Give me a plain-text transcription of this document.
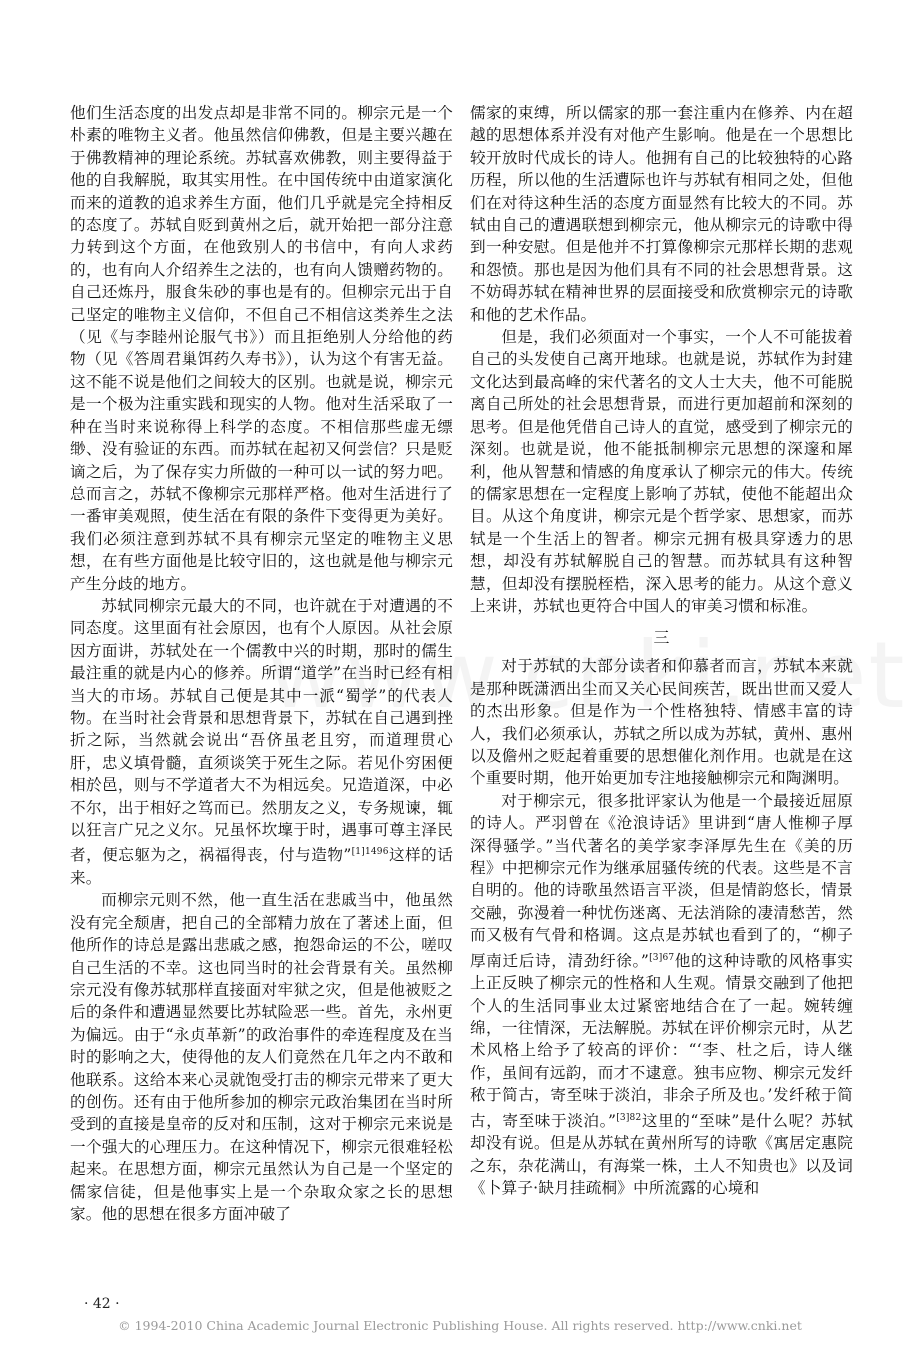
他们生活态度的出发点却是非常不同的。柳宗元是一个朴素的唯物主义者。他虽然信仰佛教，但是主要兴趣在于佛教精神的理论系统。苏轼喜欢佛教，则主要得益于他的自我解脱，取其实用性。在中国传统中由道家演化而来的道教的追求养生方面，他们几乎就是完全持相反的态度了。苏轼自贬到黄州之后，就开始把一部分注意力转到这个方面，在他致别人的书信中，有向人求药的，也有向人介绍养生之法的，也有向人馈赠药物的。自己还炼丹，服食朱砂的事也是有的。但柳宗元出于自己坚定的唯物主义信仰，不但自己不相信这类养生之法（见《与李睦州论服气书》）而且拒绝别人分给他的药物（见《答周君巢饵药久寿书》），认为这个有害无益。这不能不说是他们之间较大的区别。也就是说，柳宗元是一个极为注重实践和现实的人物。他对生活采取了一种在当时来说称得上科学的态度。不相信那些虚无缥缈、没有验证的东西。而苏轼在起初又何尝信？只是贬谪之后，为了保存实力所做的一种可以一试的努力吧。总而言之，苏轼不像柳宗元那样严格。他对生活进行了一番审美观照，使生活在有限的条件下变得更为美好。我们必须注意到苏轼不具有柳宗元坚定的唯物主义思想，在有些方面他是比较守旧的，这也就是他与柳宗元产生分歧的地方。

苏轼同柳宗元最大的不同，也许就在于对遭遇的不同态度。这里面有社会原因，也有个人原因。从社会原因方面讲，苏轼处在一个儒教中兴的时期，那时的儒生最注重的就是内心的修养。所谓“道学”在当时已经有相当大的市场。苏轼自己便是其中一派“蜀学”的代表人物。在当时社会背景和思想背景下，苏轼在自己遇到挫折之际，当然就会说出“吾侪虽老且穷，而道理贯心肝，忠义填骨髓，直须谈笑于死生之际。若见仆穷困便相於邑，则与不学道者大不为相远矣。兄造道深，中必不尔，出于相好之笃而已。然朋友之义，专务规谏，辄以狂言广兄之义尔。兄虽怀坎壈于时，遇事可尊主泽民者，便忘躯为之，祸福得丧，付与造物”$^{[1]1496}$这样的话来。

而柳宗元则不然，他一直生活在悲戚当中，他虽然没有完全颓唐，把自己的全部精力放在了著述上面，但他所作的诗总是露出悲戚之感，抱怨命运的不公，嗟叹自己生活的不幸。这也同当时的社会背景有关。虽然柳宗元没有像苏轼那样直接面对牢狱之灾，但是他被贬之后的条件和遭遇显然要比苏轼险恶一些。首先，永州更为偏远。由于“永贞革新”的政治事件的牵连程度及在当时的影响之大，使得他的友人们竟然在几年之内不敢和他联系。这给本来心灵就饱受打击的柳宗元带来了更大的创伤。还有由于他所参加的柳宗元政治集团在当时所受到的直接是皇帝的反对和压制，这对于柳宗元来说是一个强大的心理压力。在这种情况下，柳宗元很难轻松起来。在思想方面，柳宗元虽然认为自己是一个坚定的儒家信徒，但是他事实上是一个杂取众家之长的思想家。他的思想在很多方面冲破了

儒家的束缚，所以儒家的那一套注重内在修养、内在超越的思想体系并没有对他产生影响。他是在一个思想比较开放时代成长的诗人。他拥有自己的比较独特的心路历程，所以他的生活遭际也许与苏轼有相同之处，但他们在对待这种生活的态度方面显然有比较大的不同。苏轼由自己的遭遇联想到柳宗元，他从柳宗元的诗歌中得到一种安慰。但是他并不打算像柳宗元那样长期的悲观和怨愤。那也是因为他们具有不同的社会思想背景。这不妨碍苏轼在精神世界的层面接受和欣赏柳宗元的诗歌和他的艺术作品。

但是，我们必须面对一个事实，一个人不可能拔着自己的头发使自己离开地球。也就是说，苏轼作为封建文化达到最高峰的宋代著名的文人士大夫，他不可能脱离自己所处的社会思想背景，而进行更加超前和深刻的思考。但是他凭借自己诗人的直觉，感受到了柳宗元的深刻。也就是说，他不能抵制柳宗元思想的深邃和犀利，他从智慧和情感的角度承认了柳宗元的伟大。传统的儒家思想在一定程度上影响了苏轼，使他不能超出众目。从这个角度讲，柳宗元是个哲学家、思想家，而苏轼是一个生活上的智者。柳宗元拥有极具穿透力的思想，却没有苏轼解脱自己的智慧。而苏轼具有这种智慧，但却没有摆脱桎梏，深入思考的能力。从这个意义上来讲，苏轼也更符合中国人的审美习惯和标准。

三

对于苏轼的大部分读者和仰慕者而言，苏轼本来就是那种既潇洒出尘而又关心民间疾苦，既出世而又爱人的杰出形象。但是作为一个性格独特、情感丰富的诗人，我们必须承认，苏轼之所以成为苏轼，黄州、惠州以及儋州之贬起着重要的思想催化剂作用。也就是在这个重要时期，他开始更加专注地接触柳宗元和陶渊明。

对于柳宗元，很多批评家认为他是一个最接近屈原的诗人。严羽曾在《沧浪诗话》里讲到“唐人惟柳子厚深得骚学。”当代著名的美学家李泽厚先生在《美的历程》中把柳宗元作为继承屈骚传统的代表。这些是不言自明的。他的诗歌虽然语言平淡，但是情韵悠长，情景交融，弥漫着一种忧伤迷离、无法消除的凄清愁苦，然而又极有气骨和格调。这点是苏轼也看到了的，“柳子厚南迁后诗，清劲纡徐。”$^{[3]67}$他的这种诗歌的风格事实上正反映了柳宗元的性格和人生观。情景交融到了他把个人的生活同事业太过紧密地结合在了一起。婉转缠绵，一往情深，无法解脱。苏轼在评价柳宗元时，从艺术风格上给予了较高的评价：“‘李、杜之后，诗人继作，虽间有远韵，而才不逮意。独韦应物、柳宗元发纤秾于简古，寄至味于淡泊，非余子所及也。’发纤秾于简古，寄至味于淡泊。”$^{[3]82}$这里的“至味”是什么呢？苏轼却没有说。但是从苏轼在黄州所写的诗歌《寓居定惠院之东，杂花满山，有海棠一株，土人不知贵也》以及词《卜算子·缺月挂疏桐》中所流露的心境和

· 42 ·
© 1994-2010 China Academic Journal Electronic Publishing House. All rights reserved. http://www.cnki.net
